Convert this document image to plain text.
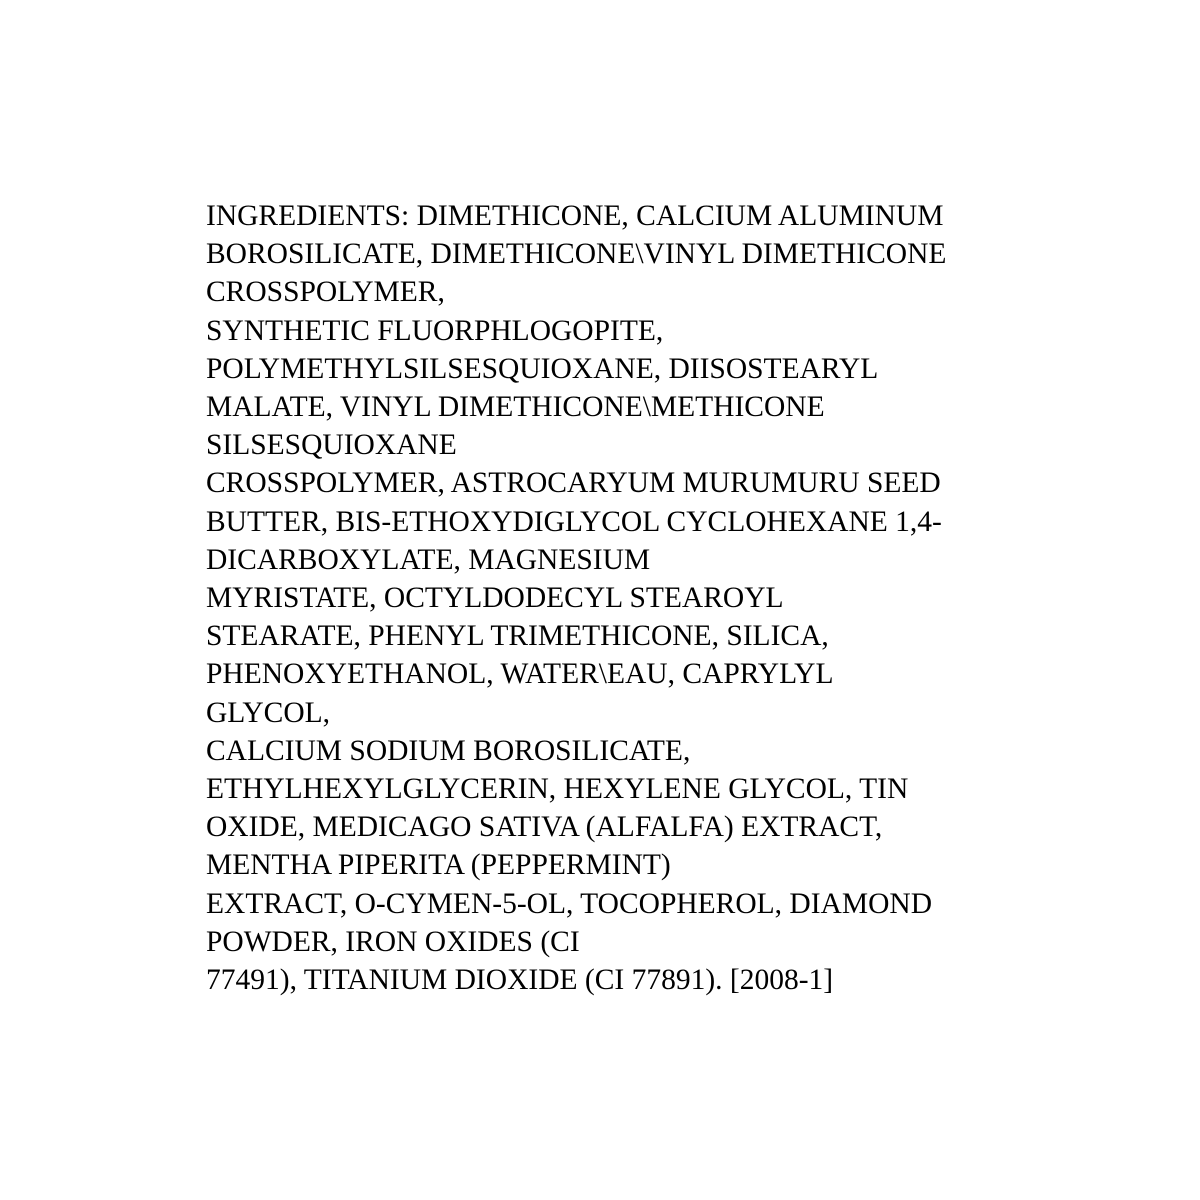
INGREDIENTS: DIMETHICONE, CALCIUM ALUMINUM
BOROSILICATE, DIMETHICONE\VINYL DIMETHICONE
CROSSPOLYMER,
SYNTHETIC FLUORPHLOGOPITE,
POLYMETHYLSILSESQUIOXANE, DIISOSTEARYL
MALATE, VINYL DIMETHICONE\METHICONE
SILSESQUIOXANE
CROSSPOLYMER, ASTROCARYUM MURUMURU SEED
BUTTER, BIS-ETHOXYDIGLYCOL CYCLOHEXANE 1,4-
DICARBOXYLATE, MAGNESIUM
MYRISTATE, OCTYLDODECYL STEAROYL
STEARATE, PHENYL TRIMETHICONE, SILICA,
PHENOXYETHANOL, WATER\EAU, CAPRYLYL
GLYCOL,
CALCIUM SODIUM BOROSILICATE,
ETHYLHEXYLGLYCERIN, HEXYLENE GLYCOL, TIN
OXIDE, MEDICAGO SATIVA (ALFALFA) EXTRACT,
MENTHA PIPERITA (PEPPERMINT)
EXTRACT, O-CYMEN-5-OL, TOCOPHEROL, DIAMOND
POWDER, IRON OXIDES (CI
77491), TITANIUM DIOXIDE (CI 77891). [2008-1]
